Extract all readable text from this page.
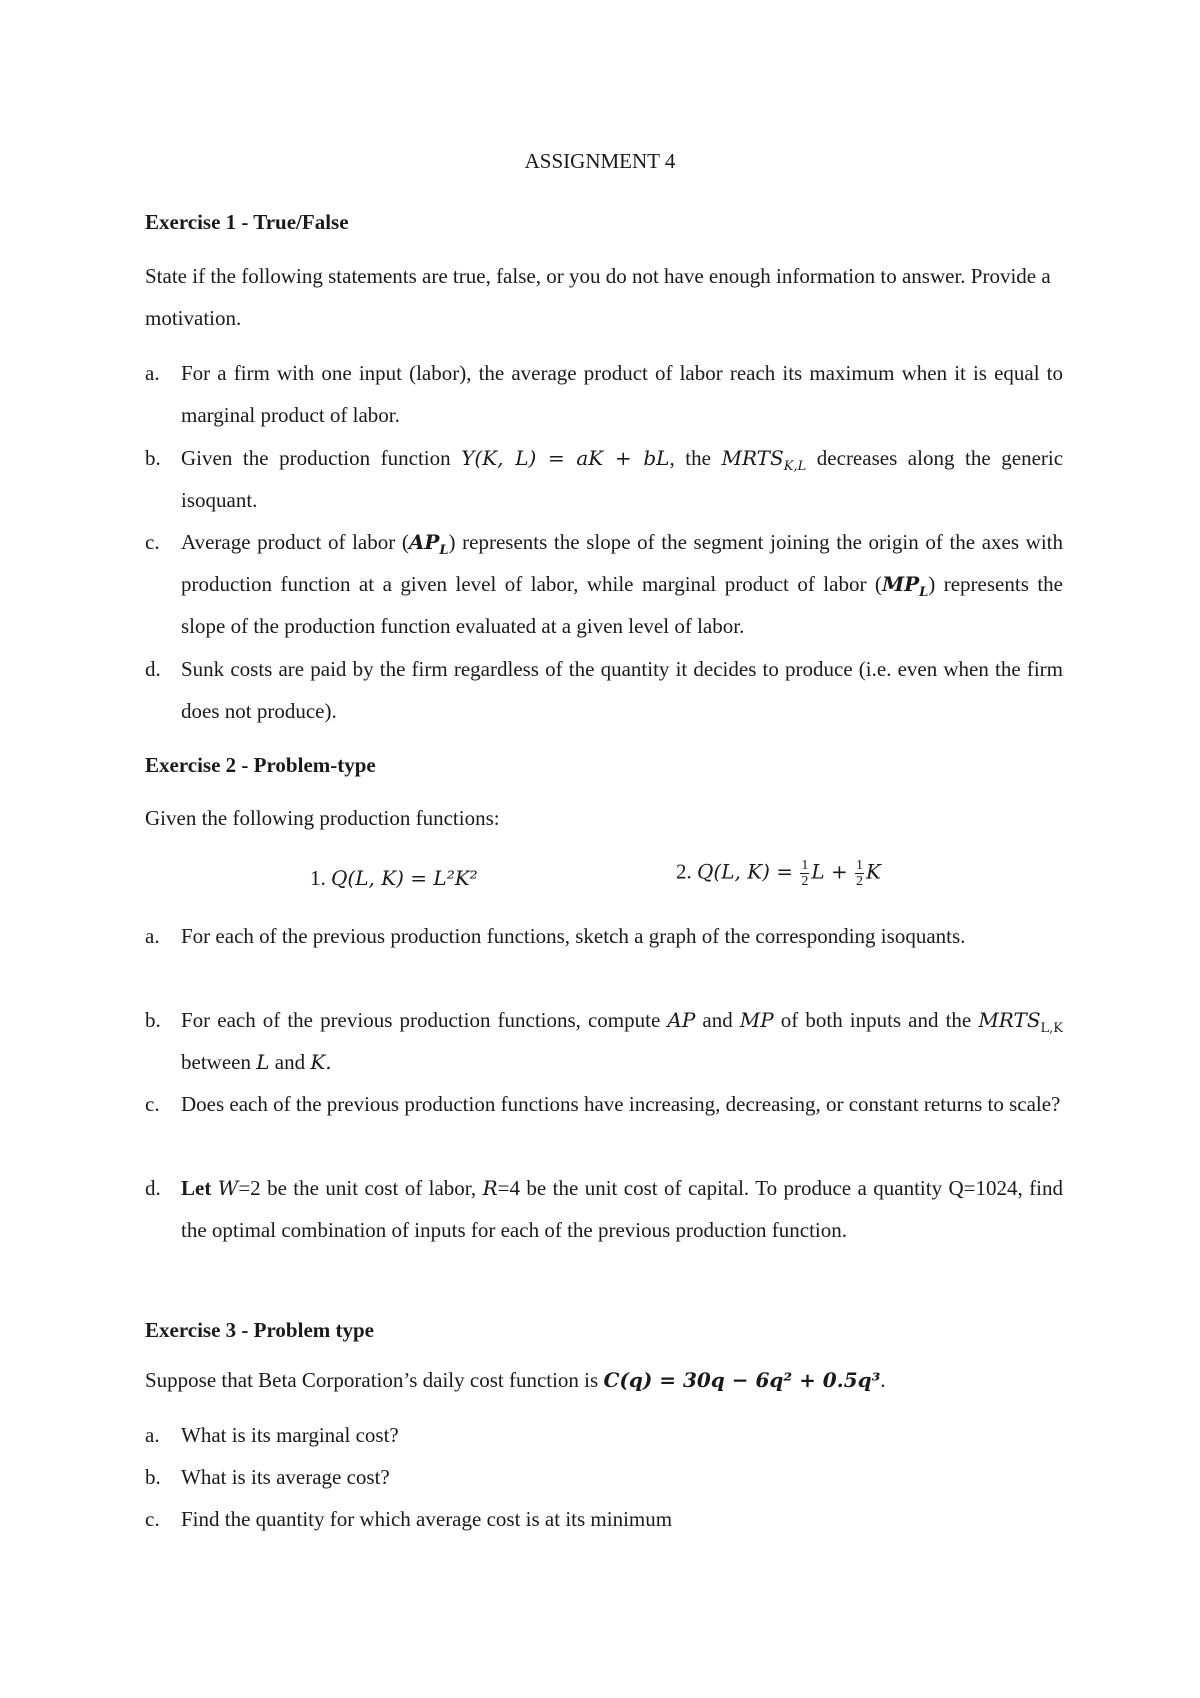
ASSIGNMENT 4
Exercise 1 - True/False
State if the following statements are true, false, or you do not have enough information to answer. Provide a motivation.
a. For a firm with one input (labor), the average product of labor reach its maximum when it is equal to marginal product of labor.
b. Given the production function Y(K, L) = aK + bL, the $MRTS_{K,L}$ decreases along the generic isoquant.
c. Average product of labor $(AP_L)$ represents the slope of the segment joining the origin of the axes with production function at a given level of labor, while marginal product of labor $(MP_L)$ represents the slope of the production function evaluated at a given level of labor.
d. Sunk costs are paid by the firm regardless of the quantity it decides to produce (i.e. even when the firm does not produce).
Exercise 2 - Problem-type
Given the following production functions:
1. Q(L, K) = L²K²	2. Q(L, $K) = \frac{1}{2}$ $L + \frac{1}{2}$ K
a. For each of the previous production functions, sketch a graph of the corresponding isoquants.
b. For each of the previous production functions, compute AP and MP of both inputs and the $MRTS_{L,K}$ between L and K.
c. Does each of the previous production functions have increasing, decreasing, or constant returns to scale?
d. Let W=2 be the unit cost of labor, R=4 be the unit cost of capital. To produce a quantity Q=1024, find the optimal combination of inputs for each of the previous production function.
Exercise 3 - Problem type
Suppose that Beta Corporation’s daily cost function is C(q) = 30q − 6q² + 0.5q³.
a. What is its marginal cost?
b. What is its average cost?
c. Find the quantity for which average cost is at its minimum
